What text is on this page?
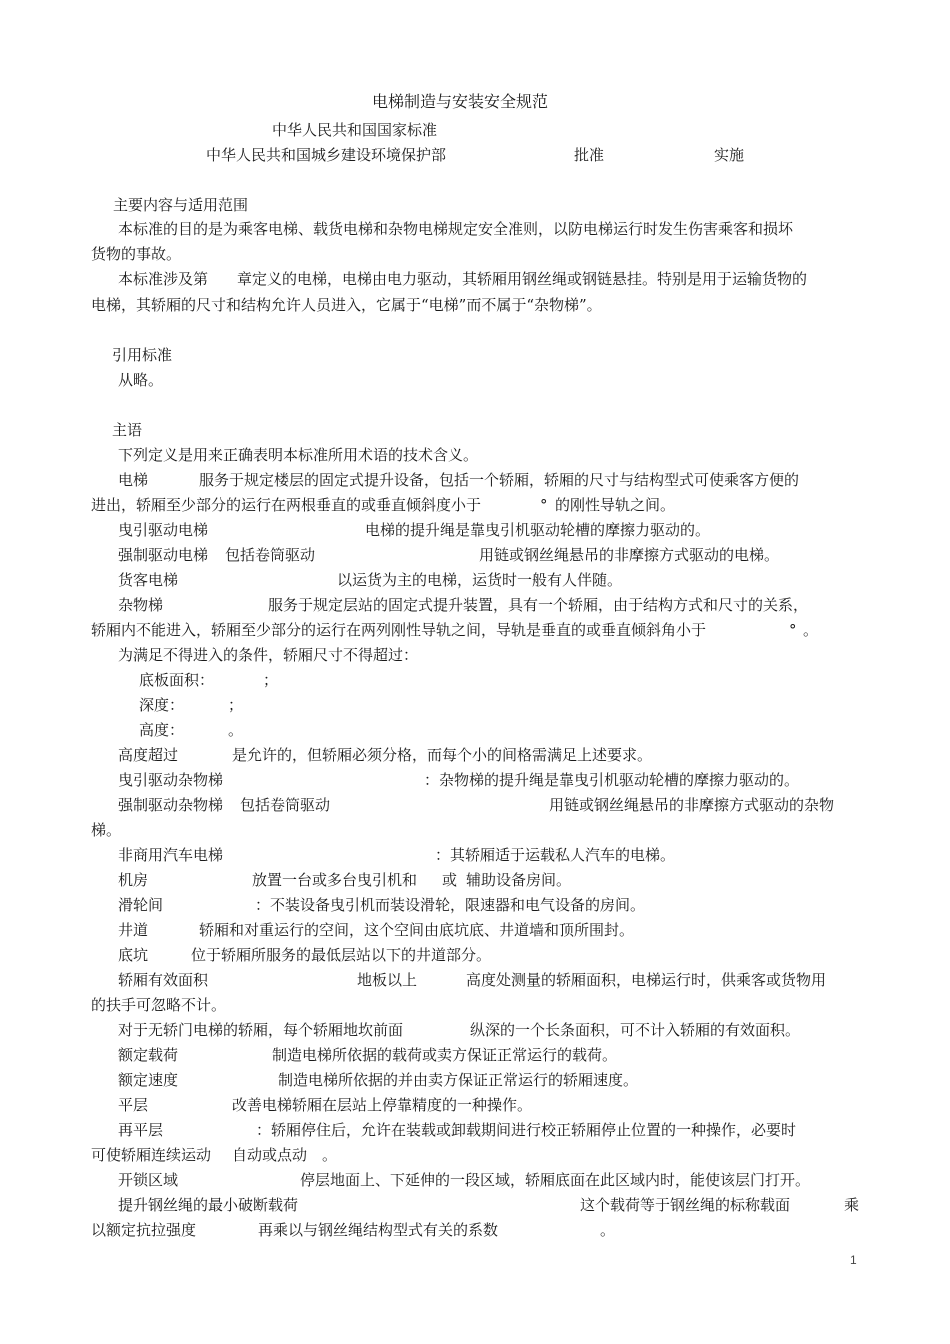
电梯制造与安装安全规范
中华人民共和国国家标准
中华人民共和国城乡建设环境保护部	批准	实施
主要内容与适用范围
本标准的目的是为乘客电梯、载货电梯和杂物电梯规定安全准则，以防电梯运行时发生伤害乘客和损坏
货物的事故。
本标准涉及第 章定义的电梯，电梯由电力驱动，其轿厢用钢丝绳或钢链悬挂。特别是用于运输货物的
电梯，其轿厢的尺寸和结构允许人员进入，它属于“电梯”而不属于“杂物梯”。
引用标准
从略。
主语
下列定义是用来正确表明本标准所用术语的技术含义。
电梯	服务于规定楼层的固定式提升设备，包括一个轿厢，轿厢的尺寸与结构型式可使乘客方便的
进出，轿厢至少部分的运行在两根垂直的或垂直倾斜度小于	° 的刚性导轨之间。
曳引驱动电梯	电梯的提升绳是靠曳引机驱动轮槽的摩擦力驱动的。
强制驱动电梯 包括卷筒驱动	用链或钢丝绳悬吊的非摩擦方式驱动的电梯。
货客电梯	以运货为主的电梯，运货时一般有人伴随。
杂物梯	服务于规定层站的固定式提升装置，具有一个轿厢，由于结构方式和尺寸的关系，
轿厢内不能进入，轿厢至少部分的运行在两列刚性导轨之间，导轨是垂直的或垂直倾斜角小于	° 。
为满足不得进入的条件，轿厢尺寸不得超过：
底板面积：	；
深度：	；
高度：	。
高度超过	是允许的，但轿厢必须分格，而每个小的间格需满足上述要求。
曳引驱动杂物梯	：杂物梯的提升绳是靠曳引机驱动轮槽的摩擦力驱动的。
强制驱动杂物梯 包括卷筒驱动	用链或钢丝绳悬吊的非摩擦方式驱动的杂物
梯。
非商用汽车电梯	：其轿厢适于运载私人汽车的电梯。
机房	放置一台或多台曳引机和 或 辅助设备房间。
滑轮间	：不装设备曳引机而装设滑轮，限速器和电气设备的房间。
井道	轿厢和对重运行的空间，这个空间由底坑底、井道墙和顶所围封。
底坑	位于轿厢所服务的最低层站以下的井道部分。
轿厢有效面积	地板以上	高度处测量的轿厢面积，电梯运行时，供乘客或货物用
的扶手可忽略不计。
对于无轿门电梯的轿厢，每个轿厢地坎前面	纵深的一个长条面积，可不计入轿厢的有效面积。
额定载荷	制造电梯所依据的载荷或卖方保证正常运行的载荷。
额定速度	制造电梯所依据的并由卖方保证正常运行的轿厢速度。
平层	改善电梯轿厢在层站上停靠精度的一种操作。
再平层	：轿厢停住后，允许在装载或卸载期间进行校正轿厢停止位置的一种操作，必要时
可使轿厢连续运动 自动或点动 。
开锁区域	停层地面上、下延伸的一段区域，轿厢底面在此区域内时，能使该层门打开。
提升钢丝绳的最小破断载荷	这个载荷等于钢丝绳的标称载面	乘
以额定抗拉强度	再乘以与钢丝绳结构型式有关的系数	。
1
